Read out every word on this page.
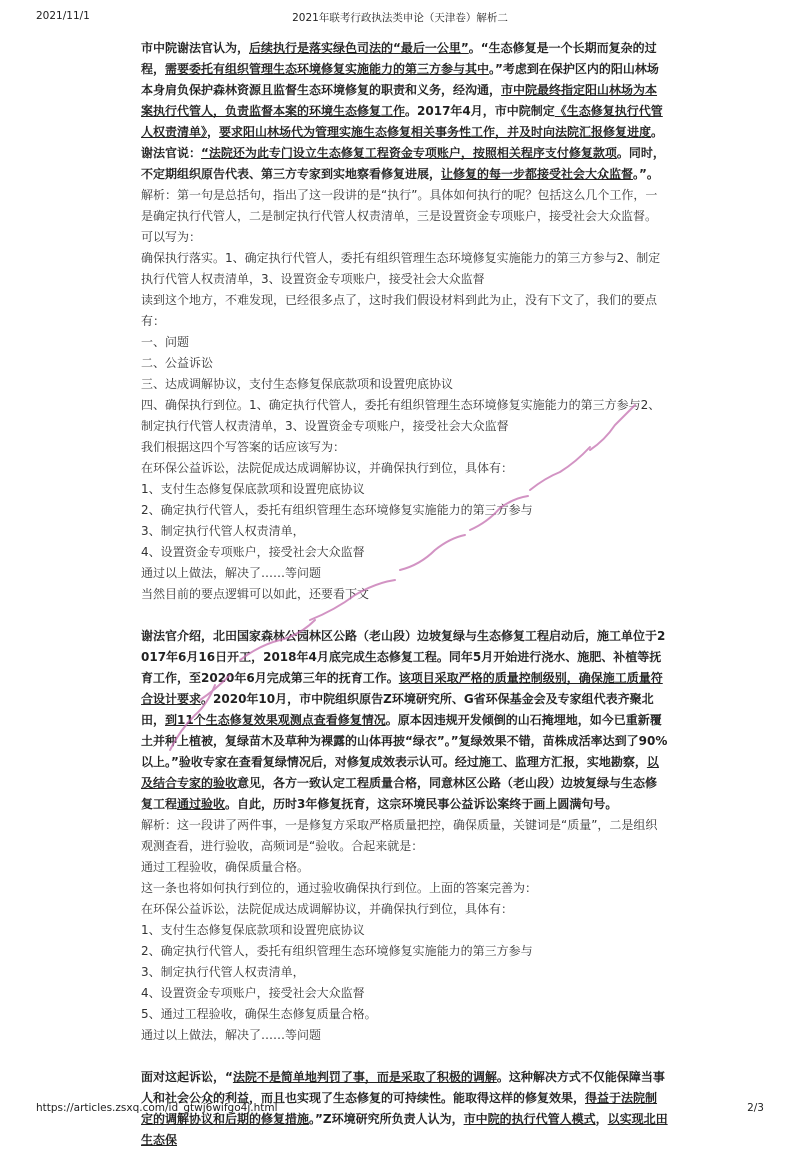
2021/11/1	2021年联考行政执法类申论（天津卷）解析二

市中院谢法官认为，后续执行是落实绿色司法的“最后一公里”。“生态修复是一个长期而复杂的过程，需要委托有组织管理生态环境修复实施能力的第三方参与其中。”考虑到在保护区内的阳山林场本身肩负保护森林资源且监督生态环境修复的职责和义务，经沟通，市中院最终指定阳山林场为本案执行代管人，负责监督本案的环境生态修复工作。2017年4月，市中院制定《生态修复执行代管人权责清单》，要求阳山林场代为管理实施生态修复相关事务性工作，并及时向法院汇报修复进度。谢法官说：“法院还为此专门设立生态修复工程资金专项账户，按照相关程序支付修复款项。同时，不定期组织原告代表、第三方专家到实地察看修复进展，让修复的每一步都接受社会大众监督。”。

解析：第一句是总括句，指出了这一段讲的是“执行”。具体如何执行的呢？包括这么几个工作，一是确定执行代管人，二是制定执行代管人权责清单，三是设置资金专项账户，接受社会大众监督。可以写为：

确保执行落实。1、确定执行代管人，委托有组织管理生态环境修复实施能力的第三方参与2、制定执行代管人权责清单，3、设置资金专项账户，接受社会大众监督

读到这个地方，不难发现，已经很多点了，这时我们假设材料到此为止，没有下文了，我们的要点有：

一、问题

二、公益诉讼

三、达成调解协议，支付生态修复保底款项和设置兜底协议

四、确保执行到位。1、确定执行代管人，委托有组织管理生态环境修复实施能力的第三方参与2、制定执行代管人权责清单，3、设置资金专项账户，接受社会大众监督

我们根据这四个写答案的话应该写为：

在环保公益诉讼，法院促成达成调解协议，并确保执行到位，具体有：

1、支付生态修复保底款项和设置兜底协议

2、确定执行代管人，委托有组织管理生态环境修复实施能力的第三方参与

3、制定执行代管人权责清单，

4、设置资金专项账户，接受社会大众监督

通过以上做法，解决了……等问题

当然目前的要点逻辑可以如此，还要看下文

谢法官介绍，北田国家森林公园林区公路（老山段）边坡复绿与生态修复工程启动后，施工单位于2017年6月16日开工，2018年4月底完成生态修复工程。同年5月开始进行浇水、施肥、补植等抚育工作，至2020年6月完成第三年的抚育工作。该项目采取严格的质量控制级别，确保施工质量符合设计要求。2020年10月，市中院组织原告Z环境研究所、G省环保基金会及专家组代表齐聚北田，到11个生态修复效果观测点查看修复情况。原本因违规开发倾倒的山石掩埋地，如今已重新覆土并种上植被，复绿苗木及草种为裸露的山体再披“绿衣”。”复绿效果不错，苗株成活率达到了90%以上。”验收专家在查看复绿情况后，对修复成效表示认可。经过施工、监理方汇报，实地勘察，以及结合专家的验收意见，各方一致认定工程质量合格，同意林区公路（老山段）边坡复绿与生态修复工程通过验收。自此，历时3年修复抚育，这宗环境民事公益诉讼案终于画上圆满句号。

解析：这一段讲了两件事，一是修复方采取严格质量把控，确保质量，关键词是“质量”，二是组织观测查看，进行验收，高频词是“验收。合起来就是：

通过工程验收，确保质量合格。

这一条也将如何执行到位的，通过验收确保执行到位。上面的答案完善为：

在环保公益诉讼，法院促成达成调解协议，并确保执行到位，具体有：

1、支付生态修复保底款项和设置兜底协议

2、确定执行代管人，委托有组织管理生态环境修复实施能力的第三方参与

3、制定执行代管人权责清单，

4、设置资金专项账户，接受社会大众监督

5、通过工程验收，确保生态修复质量合格。

通过以上做法，解决了……等问题

面对这起诉讼，“法院不是简单地判罚了事，而是采取了积极的调解。这种解决方式不仅能保障当事人和社会公众的利益，而且也实现了生态修复的可持续性。能取得这样的修复效果，得益于法院制定的调解协议和后期的修复措施。”Z环境研究所负责人认为，市中院的执行代管人模式，以实现北田生态保

https://articles.zsxq.com/id_gtwj6wifgo4j.html	2/3
